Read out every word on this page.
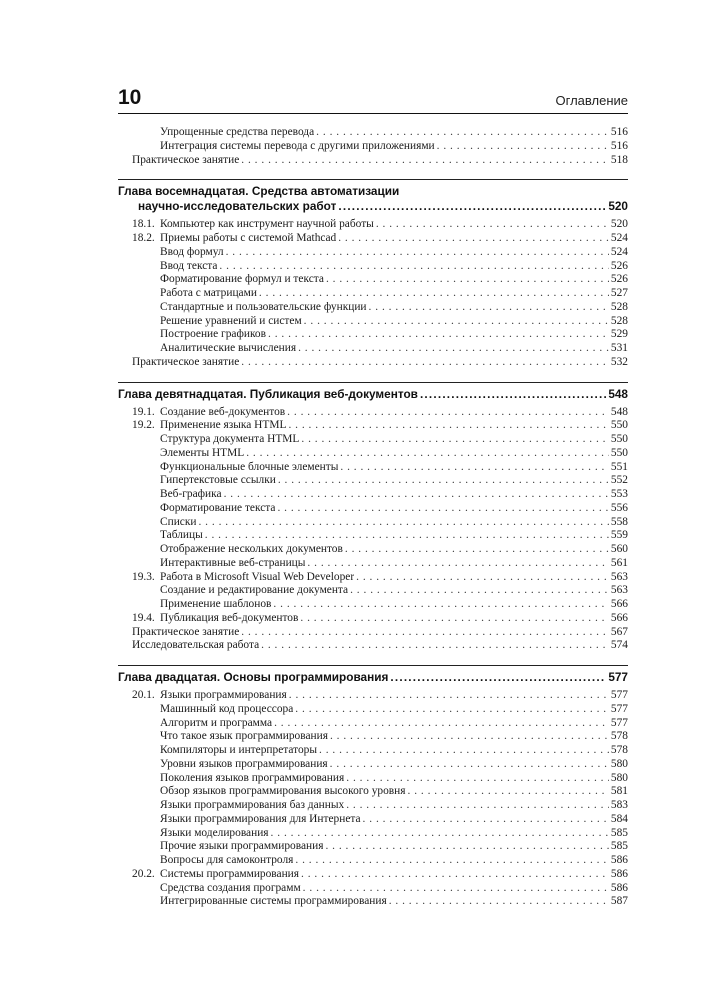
10	Оглавление
Упрощенные средства перевода . . .	516
Интеграция системы перевода с другими приложениями . . .	516
Практическое занятие . . .	518
Глава восемнадцатая. Средства автоматизации
научно-исследовательских работ .....	520
18.1. Компьютер как инструмент научной работы . . .	520
18.2. Приемы работы с системой Mathcad . . .	524
Ввод формул . . .	524
Ввод текста . . .	526
Форматирование формул и текста . . .	526
Работа с матрицами . . .	527
Стандартные и пользовательские функции . . .	528
Решение уравнений и систем . . .	528
Построение графиков . . .	529
Аналитические вычисления . . .	531
Практическое занятие . . .	532
Глава девятнадцатая. Публикация веб-документов .....	548
19.1. Создание веб-документов . . .	548
19.2. Применение языка HTML . . .	550
Структура документа HTML . . .	550
Элементы HTML . . .	550
Функциональные блочные элементы . . .	551
Гипертекстовые ссылки . . .	552
Веб-графика . . .	553
Форматирование текста . . .	556
Списки . . .	558
Таблицы . . .	559
Отображение нескольких документов . . .	560
Интерактивные веб-страницы . . .	561
19.3. Работа в Microsoft Visual Web Developer . . .	563
Создание и редактирование документа . . .	563
Применение шаблонов . . .	566
19.4. Публикация веб-документов . . .	566
Практическое занятие . . .	567
Исследовательская работа . . .	574
Глава двадцатая. Основы программирования .....	577
20.1. Языки программирования . . .	577
Машинный код процессора . . .	577
Алгоритм и программа . . .	577
Что такое язык программирования . . .	578
Компиляторы и интерпретаторы . . .	578
Уровни языков программирования . . .	580
Поколения языков программирования . . .	580
Обзор языков программирования высокого уровня . . .	581
Языки программирования баз данных . . .	583
Языки программирования для Интернета . . .	584
Языки моделирования . . .	585
Прочие языки программирования . . .	585
Вопросы для самоконтроля . . .	586
20.2. Системы программирования . . .	586
Средства создания программ . . .	586
Интегрированные системы программирования . . .	587
